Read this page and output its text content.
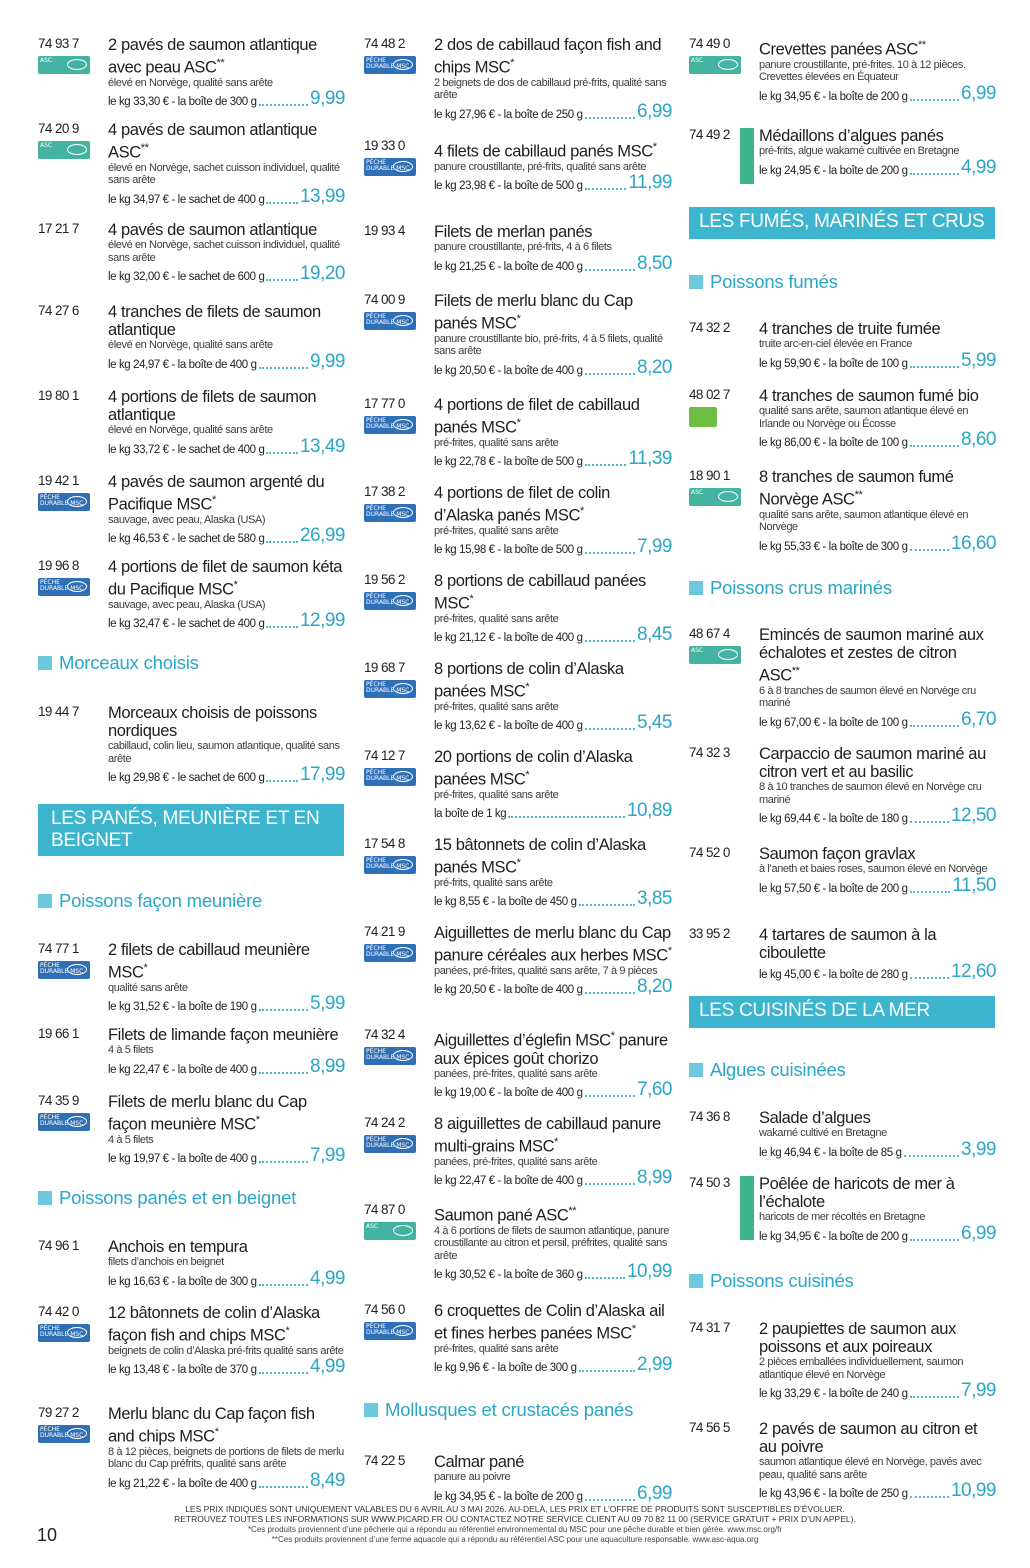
74 93 7
ASC
2 pavés de saumon atlantique avec peau ASC**
élevé en Norvège, qualité sans arête
le kg 33,30 € - la boîte de 300 g	9,99
74 20 9
ASC
4 pavés de saumon atlantique ASC**
élevé en Norvège, sachet cuisson individuel, qualité sans arête
le kg 34,97 € - le sachet de 400 g 13,99
17 21 7 4 pavés de saumon atlantique
élevé en Norvège, sachet cuisson individuel, qualité sans arête
le kg 32,00 € - le sachet de 600 g 19,20
74 27 6 4 tranches de filets de saumon atlantique
élevé en Norvège, qualité sans arête
le kg 24,97 € - la boîte de 400 g	9,99
19 80 1 4 portions de filets de saumon atlantique
élevé en Norvège, qualité sans arête
le kg 33,72 € - le sachet de 400 g 13,49
19 42 1
PÊCHE DURABLE MSC
4 pavés de saumon argenté du Pacifique MSC*
sauvage, avec peau, Alaska (USA)
le kg 46,53 € - le sachet de 580 g 26,99
19 96 8
PÊCHE DURABLE MSC
4 portions de filet de saumon kéta du Pacifique MSC*
sauvage, avec peau, Alaska (USA)
le kg 32,47 € - le sachet de 400 g 12,99
Morceaux choisis
19 44 7 Morceaux choisis de poissons nordiques
cabillaud, colin lieu, saumon atlantique, qualité sans arête
le kg 29,98 € - le sachet de 600 g 17,99
LES PANÉS, MEUNIÈRE ET EN BEIGNET
Poissons façon meunière
74 77 1
PÊCHE DURABLE MSC
2 filets de cabillaud meunière MSC*
qualité sans arête
le kg 31,52 € - la boîte de 190 g	5,99
19 66 1 Filets de limande façon meunière
4 à 5 filets
le kg 22,47 € - la boîte de 400 g	8,99
74 35 9
PÊCHE DURABLE MSC
Filets de merlu blanc du Cap façon meunière MSC*
4 à 5 filets
le kg 19,97 € - la boîte de 400 g	7,99
Poissons panés et en beignet
74 96 1 Anchois en tempura
filets d’anchois en beignet
le kg 16,63 € - la boîte de 300 g	4,99
74 42 0
PÊCHE DURABLE MSC
12 bâtonnets de colin d’Alaska façon fish and chips MSC*
beignets de colin d’Alaska pré-frits qualité sans arête
le kg 13,48 € - la boîte de 370 g	4,99
79 27 2
PÊCHE DURABLE MSC
Merlu blanc du Cap façon fish and chips MSC*
8 à 12 pièces, beignets de portions de filets de merlu blanc du Cap préfrits, qualité sans arête
le kg 21,22 € - la boîte de 400 g	8,49
74 48 2
PÊCHE DURABLE MSC
2 dos de cabillaud façon fish and chips MSC*
2 beignets de dos de cabillaud pré-frits, qualité sans arête
le kg 27,96 € - la boîte de 250 g	6,99
19 33 0
PÊCHE DURABLE MSC
4 filets de cabillaud panés MSC*
panure croustillante, pré-frits, qualité sans arête
le kg 23,98 € - la boîte de 500 g 11,99
19 93 4 Filets de merlan panés
panure croustillante, pré-frits, 4 à 6 filets
le kg 21,25 € - la boîte de 400 g	8,50
74 00 9
PÊCHE DURABLE MSC
Filets de merlu blanc du Cap panés MSC*
panure croustillante bio, pré-frits, 4 à 5 filets, qualité sans arête
le kg 20,50 € - la boîte de 400 g	8,20
17 77 0
PÊCHE DURABLE MSC
4 portions de filet de cabillaud panés MSC*
pré-frites, qualité sans arête
le kg 22,78 € - la boîte de 500 g 11,39
17 38 2
PÊCHE DURABLE MSC
4 portions de filet de colin d’Alaska panés MSC*
pré-frites, qualité sans arête
le kg 15,98 € - la boîte de 500 g	7,99
19 56 2
PÊCHE DURABLE MSC
8 portions de cabillaud panées MSC*
pré-frites, qualité sans arête
le kg 21,12 € - la boîte de 400 g	8,45
19 68 7
PÊCHE DURABLE MSC
8 portions de colin d’Alaska panées MSC*
pré-frites, qualité sans arête
le kg 13,62 € - la boîte de 400 g	5,45
74 12 7
PÊCHE DURABLE MSC
20 portions de colin d’Alaska panées MSC*
pré-frites, qualité sans arête
la boîte de 1 kg	10,89
17 54 8
PÊCHE DURABLE MSC
15 bâtonnets de colin d’Alaska panés MSC*
pré-frits, qualité sans arête
le kg 8,55 € - la boîte de 450 g	3,85
74 21 9
PÊCHE DURABLE MSC
Aiguillettes de merlu blanc du Cap panure céréales aux herbes MSC*
panées, pré-frites, qualité sans arête, 7 à 9 pièces
le kg 20,50 € - la boîte de 400 g	8,20
74 32 4
PÊCHE DURABLE MSC
Aiguillettes d’églefin MSC* panure aux épices goût chorizo
panées, pré-frites, qualité sans arête
le kg 19,00 € - la boîte de 400 g	7,60
74 24 2
PÊCHE DURABLE MSC
8 aiguillettes de cabillaud panure multi-grains MSC*
panées, pré-frites, qualité sans arête
le kg 22,47 € - la boîte de 400 g	8,99
74 87 0
ASC
Saumon pané ASC**
4 à 6 portions de filets de saumon atlantique, panure croustillante au citron et persil, préfrites, qualité sans arête
le kg 30,52 € - la boîte de 360 g 10,99
74 56 0
PÊCHE DURABLE MSC
6 croquettes de Colin d’Alaska ail et fines herbes panées MSC*
pré-frites, qualité sans arête
le kg 9,96 € - la boîte de 300 g	2,99
Mollusques et crustacés panés
74 22 5 Calmar pané
panure au poivre
le kg 34,95 € - la boîte de 200 g	6,99
74 49 0
ASC
Crevettes panées ASC**
panure croustillante, pré-frites. 10 à 12 pièces. Crevettes élevées en Équateur
le kg 34,95 € - la boîte de 200 g	6,99
74 49 2 Médaillons d’algues panés
pré-frits, algue wakamé cultivée en Bretagne
le kg 24,95 € - la boîte de 200 g	4,99
LES FUMÉS, MARINÉS ET CRUS
Poissons fumés
74 32 2 4 tranches de truite fumée
truite arc-en-ciel élevée en France
le kg 59,90 € - la boîte de 100 g	5,99
48 02 7 4 tranches de saumon fumé bio
qualité sans arête, saumon atlantique élevé en Irlande ou Norvège ou Écosse
le kg 86,00 € - la boîte de 100 g	8,60
18 90 1
ASC
8 tranches de saumon fumé Norvège ASC**
qualité sans arête, saumon atlantique élevé en Norvège
le kg 55,33 € - la boîte de 300 g 16,60
Poissons crus marinés
48 67 4
ASC
Emincés de saumon mariné aux échalotes et zestes de citron ASC**
6 à 8 tranches de saumon élevé en Norvège cru mariné
le kg 67,00 € - la boîte de 100 g	6,70
74 32 3 Carpaccio de saumon mariné au citron vert et au basilic
8 à 10 tranches de saumon élevé en Norvège cru mariné
le kg 69,44 € - la boîte de 180 g 12,50
74 52 0 Saumon façon gravlax
à l’aneth et baies roses, saumon élevé en Norvège
le kg 57,50 € - la boîte de 200 g 11,50
33 95 2 4 tartares de saumon à la ciboulette
le kg 45,00 € - la boîte de 280 g 12,60
LES CUISINÉS DE LA MER
Algues cuisinées
74 36 8 Salade d’algues
wakamé cultivé en Bretagne
le kg 46,94 € - la boîte de 85 g	3,99
74 50 3 Poêlée de haricots de mer à l’échalote
haricots de mer récoltés en Bretagne
le kg 34,95 € - la boîte de 200 g	6,99
Poissons cuisinés
74 31 7 2 paupiettes de saumon aux poissons et aux poireaux
2 pièces emballées individuellement, saumon atlantique élevé en Norvège
le kg 33,29 € - la boîte de 240 g	7,99
74 56 5 2 pavés de saumon au citron et au poivre
saumon atlantique élevé en Norvège, pavés avec peau, qualité sans arête
le kg 43,96 € - la boîte de 250 g 10,99
LES PRIX INDIQUÉS SONT UNIQUEMENT VALABLES DU 6 AVRIL AU 3 MAI 2026. AU-DELÀ, LES PRIX ET L’OFFRE DE PRODUITS SONT SUSCEPTIBLES D’ÉVOLUER.
RETROUVEZ TOUTES LES INFORMATIONS SUR WWW.PICARD.FR OU CONTACTEZ NOTRE SERVICE CLIENT AU 09 70 82 11 00 (SERVICE GRATUIT + PRIX D’UN APPEL).
*Ces produits proviennent d’une pêcherie qui a répondu au référentiel environnemental du MSC pour une pêche durable et bien gérée. www.msc.org/fr
**Ces produits proviennent d’une ferme aquacole qui a répondu au référentiel ASC pour une aquaculture responsable. www.asc-aqua.org
10
